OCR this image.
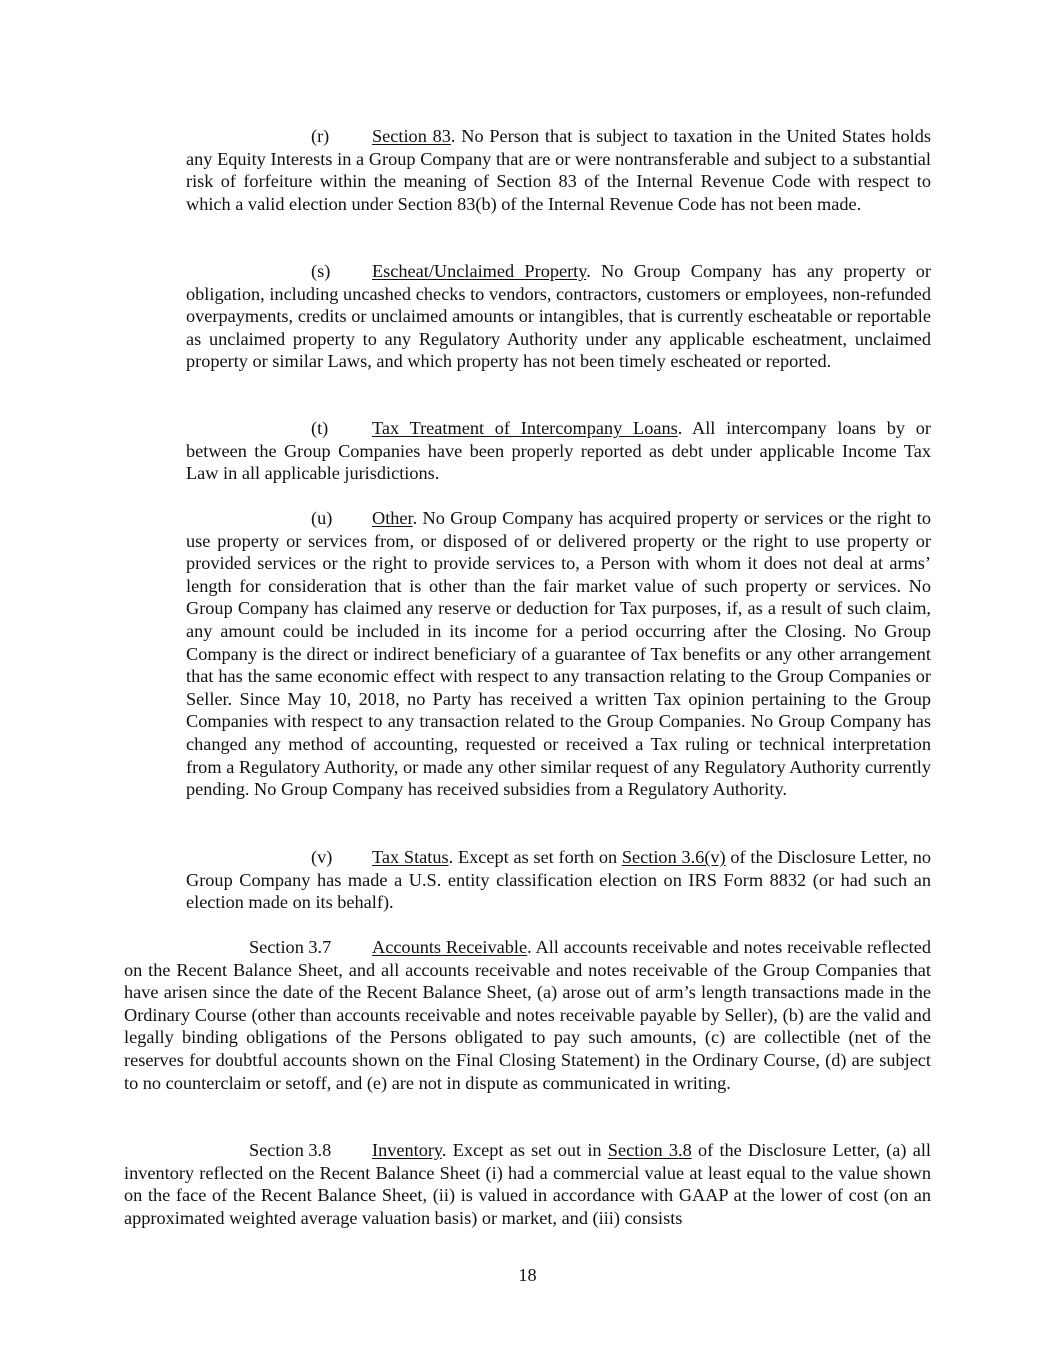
(r) Section 83. No Person that is subject to taxation in the United States holds any Equity Interests in a Group Company that are or were nontransferable and subject to a substantial risk of forfeiture within the meaning of Section 83 of the Internal Revenue Code with respect to which a valid election under Section 83(b) of the Internal Revenue Code has not been made.

(s) Escheat/Unclaimed Property. No Group Company has any property or obligation, including uncashed checks to vendors, contractors, customers or employees, non-refunded overpayments, credits or unclaimed amounts or intangibles, that is currently escheatable or reportable as unclaimed property to any Regulatory Authority under any applicable escheatment, unclaimed property or similar Laws, and which property has not been timely escheated or reported.

(t) Tax Treatment of Intercompany Loans. All intercompany loans by or between the Group Companies have been properly reported as debt under applicable Income Tax Law in all applicable jurisdictions.

(u) Other. No Group Company has acquired property or services or the right to use property or services from, or disposed of or delivered property or the right to use property or provided services or the right to provide services to, a Person with whom it does not deal at arms’ length for consideration that is other than the fair market value of such property or services. No Group Company has claimed any reserve or deduction for Tax purposes, if, as a result of such claim, any amount could be included in its income for a period occurring after the Closing. No Group Company is the direct or indirect beneficiary of a guarantee of Tax benefits or any other arrangement that has the same economic effect with respect to any transaction relating to the Group Companies or Seller. Since May 10, 2018, no Party has received a written Tax opinion pertaining to the Group Companies with respect to any transaction related to the Group Companies. No Group Company has changed any method of accounting, requested or received a Tax ruling or technical interpretation from a Regulatory Authority, or made any other similar request of any Regulatory Authority currently pending. No Group Company has received subsidies from a Regulatory Authority.

(v) Tax Status. Except as set forth on Section 3.6(v) of the Disclosure Letter, no Group Company has made a U.S. entity classification election on IRS Form 8832 (or had such an election made on its behalf).

Section 3.7 Accounts Receivable. All accounts receivable and notes receivable reflected on the Recent Balance Sheet, and all accounts receivable and notes receivable of the Group Companies that have arisen since the date of the Recent Balance Sheet, (a) arose out of arm’s length transactions made in the Ordinary Course (other than accounts receivable and notes receivable payable by Seller), (b) are the valid and legally binding obligations of the Persons obligated to pay such amounts, (c) are collectible (net of the reserves for doubtful accounts shown on the Final Closing Statement) in the Ordinary Course, (d) are subject to no counterclaim or setoff, and (e) are not in dispute as communicated in writing.

Section 3.8 Inventory. Except as set out in Section 3.8 of the Disclosure Letter, (a) all inventory reflected on the Recent Balance Sheet (i) had a commercial value at least equal to the value shown on the face of the Recent Balance Sheet, (ii) is valued in accordance with GAAP at the lower of cost (on an approximated weighted average valuation basis) or market, and (iii) consists

18
